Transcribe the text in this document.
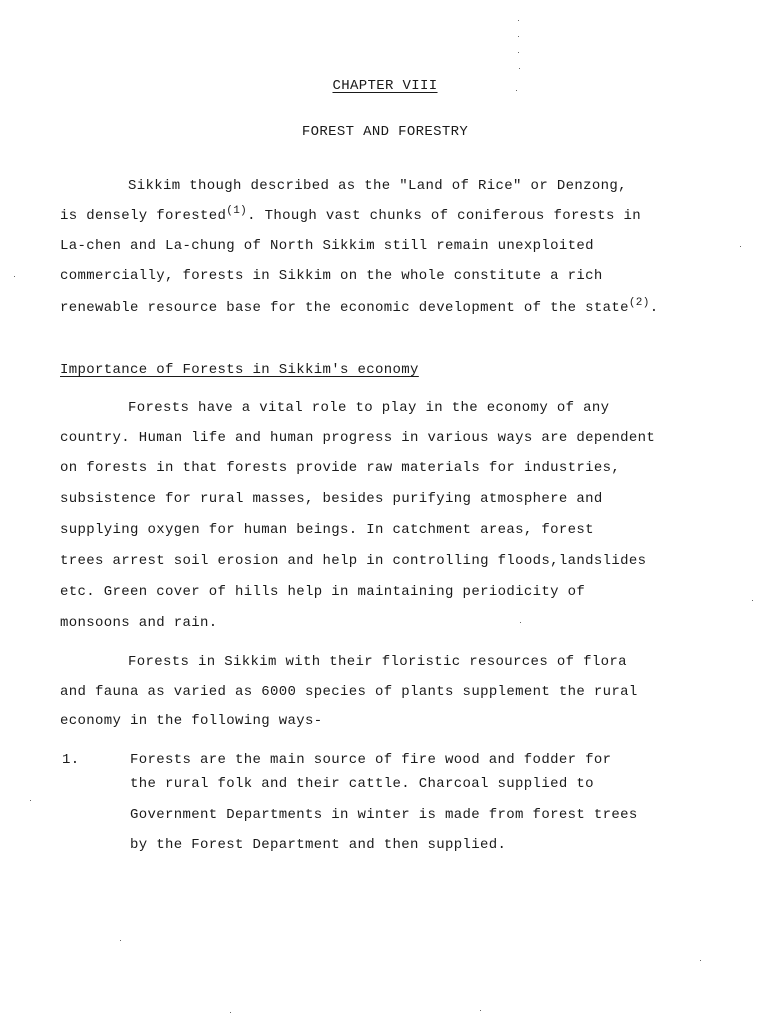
CHAPTER VIII
FOREST AND FORESTRY
Sikkim though described as the "Land of Rice" or Denzong,
is densely forested$^{(1)}$. Though vast chunks of coniferous forests in
La-chen and La-chung of North Sikkim still remain unexploited
commercially, forests in Sikkim on the whole constitute a rich
renewable resource base for the economic development of the state$^{(2)}$.
Importance of Forests in Sikkim's economy
Forests have a vital role to play in the economy of any
country. Human life and human progress in various ways are dependent
on forests in that forests provide raw materials for industries,
subsistence for rural masses, besides purifying atmosphere and
supplying oxygen for human beings. In catchment areas, forest
trees arrest soil erosion and help in controlling floods,landslides
etc. Green cover of hills help in maintaining periodicity of
monsoons and rain.
Forests in Sikkim with their floristic resources of flora
and fauna as varied as 6000 species of plants supplement the rural
economy in the following ways-
1.	Forests are the main source of fire wood and fodder for
the rural folk and their cattle. Charcoal supplied to
Government Departments in winter is made from forest trees
by the Forest Department and then supplied.
